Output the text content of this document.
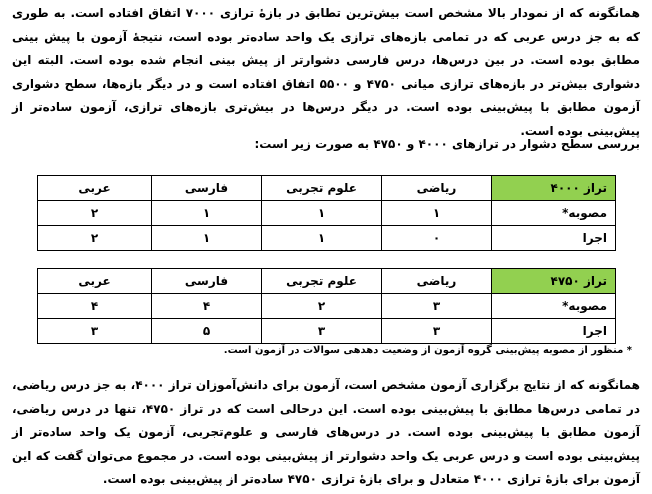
همانگونه که از نمودار بالا مشخص است بیش‌ترین تطابق در بازهٔ ترازی ۷۰۰۰ اتفاق افتاده است. به طوری که به جز درس عربی که در تمامی بازه‌های ترازی یک واحد ساده‌تر بوده است، نتیجهٔ آزمون با پیش بینی مطابق بوده است. در بین درس‌ها، درس فارسی دشوارتر از پیش بینی انجام شده بوده است. البته این دشواری بیش‌تر در بازه‌های ترازی میانی ۴۷۵۰ و ۵۵۰۰ اتفاق افتاده است و در دیگر بازه‌ها، سطح دشواری آزمون مطابق با پیش‌بینی بوده است. در دیگر درس‌ها در بیش‌تری بازه‌های ترازی، آزمون ساده‌تر از پیش‌بینی بوده است.

بررسی سطح دشوار در ترازهای ۴۰۰۰ و ۴۷۵۰ به صورت زیر است:

تراز ۴۰۰۰	ریاضی	علوم تجربی	فارسی	عربی
مصوبه*	۱	۱	۱	۲
اجرا	۰	۱	۱	۲
تراز ۴۷۵۰	ریاضی	علوم تجربی	فارسی	عربی
مصوبه*	۳	۲	۴	۴
اجرا	۳	۳	۵	۳

* منظور از مصوبه پیش‌بینی گروه آزمون از وضعیت دهدهی سوالات در آزمون است.

همانگونه که از نتایج برگزاری آزمون مشخص است، آزمون برای دانش‌آموزان تراز ۴۰۰۰، به جز درس ریاضی، در تمامی درس‌ها مطابق با پیش‌بینی بوده است. این درحالی است که در تراز ۴۷۵۰، تنها در درس ریاضی، آزمون مطابق با پیش‌بینی بوده است. در درس‌های فارسی و علوم‌تجربی، آزمون یک واحد ساده‌تر از پیش‌بینی بوده است و درس عربی یک واحد دشوارتر از پیش‌بینی بوده است. در مجموع می‌توان گفت که این آزمون برای بازهٔ ترازی ۴۰۰۰ متعادل و برای بازهٔ ترازی ۴۷۵۰ ساده‌تر از پیش‌بینی بوده است.
